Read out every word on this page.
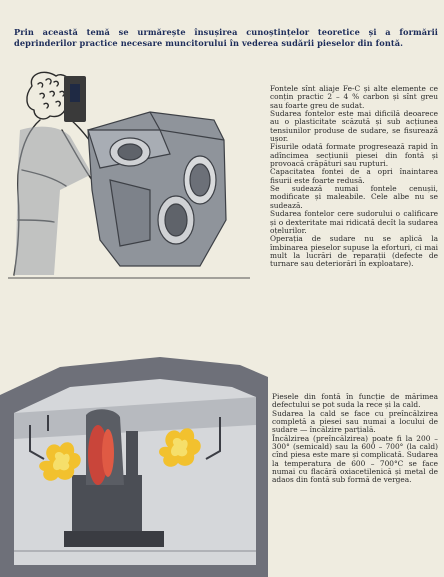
Prin această temă se urmărește însușirea cunoștințelor teoretice și a formării deprinderilor practice necesare muncitorului în vederea sudării pieselor din fontă.

Fontele sînt aliaje Fe-C și alte elemente ce conțin practic 2 – 4 % carbon și sînt greu sau foarte greu de sudat.

Sudarea fontelor este mai dificilă deoarece au o plasticitate scăzută și sub acțiunea tensiunilor produse de sudare, se fisurează ușor.

Fisurile odată formate progresează rapid în adîncimea secțiunii piesei din fontă și provoacă crăpături sau rupturi.

Capacitatea fontei de a opri înaintarea fisurii este foarte redusă.

Se sudează numai fontele cenușii, modificate și maleabile. Cele albe nu se sudează.

Sudarea fontelor cere sudorului o calificare și o dexteritate mai ridicată decît la sudarea oțelurilor.

Operația de sudare nu se aplică la îmbinarea pieselor supuse la eforturi, ci mai mult la lucrări de reparații (defecte de turnare sau deteriorări în exploatare).

Piesele din fontă în funcție de mărimea defectului se pot suda la rece și la cald.

Sudarea la cald se face cu preîncălzirea completă a piesei sau numai a locului de sudare — încălzire parțială.

Încălzirea (preîncălzirea) poate fi la 200 – 300° (semicald) sau la 600 – 700° (la cald) cînd piesa este mare și complicată. Sudarea la temperatura de 600 – 700°C se face numai cu flacără oxiacetilenică și metal de adaos din fontă sub formă de vergea.
